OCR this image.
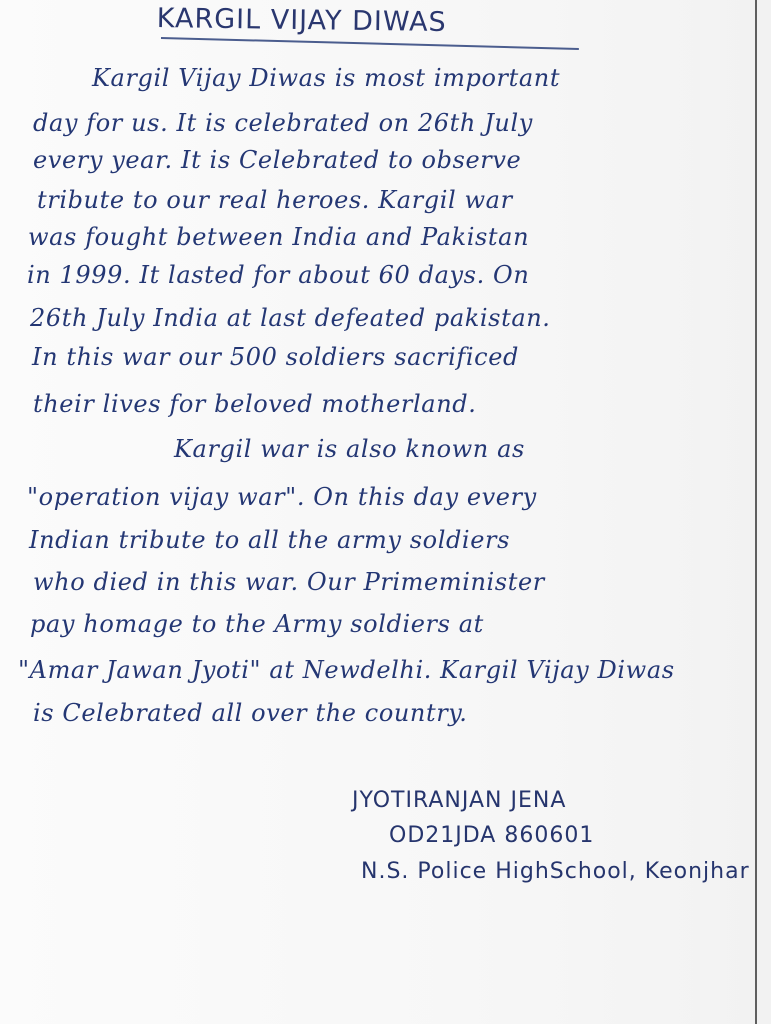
KARGIL VIJAY DIWAS
Kargil Vijay Diwas is most important
day for us. It is celebrated on 26th July
every year. It is Celebrated to observe
tribute to our real heroes. Kargil war
was fought between India and Pakistan
in 1999. It lasted for about 60 days. On
26th July India at last defeated pakistan.
In this war our 500 soldiers sacrificed
their lives for beloved motherland.
Kargil war is also known as
"operation vijay war". On this day every
Indian tribute to all the army soldiers
who died in this war. Our Primeminister
pay homage to the Army soldiers at
"Amar Jawan Jyoti" at Newdelhi. Kargil Vijay Diwas
is Celebrated all over the country.
JYOTIRANJAN JENA
OD21JDA 860601
N.S. Police HighSchool, Keonjhar
